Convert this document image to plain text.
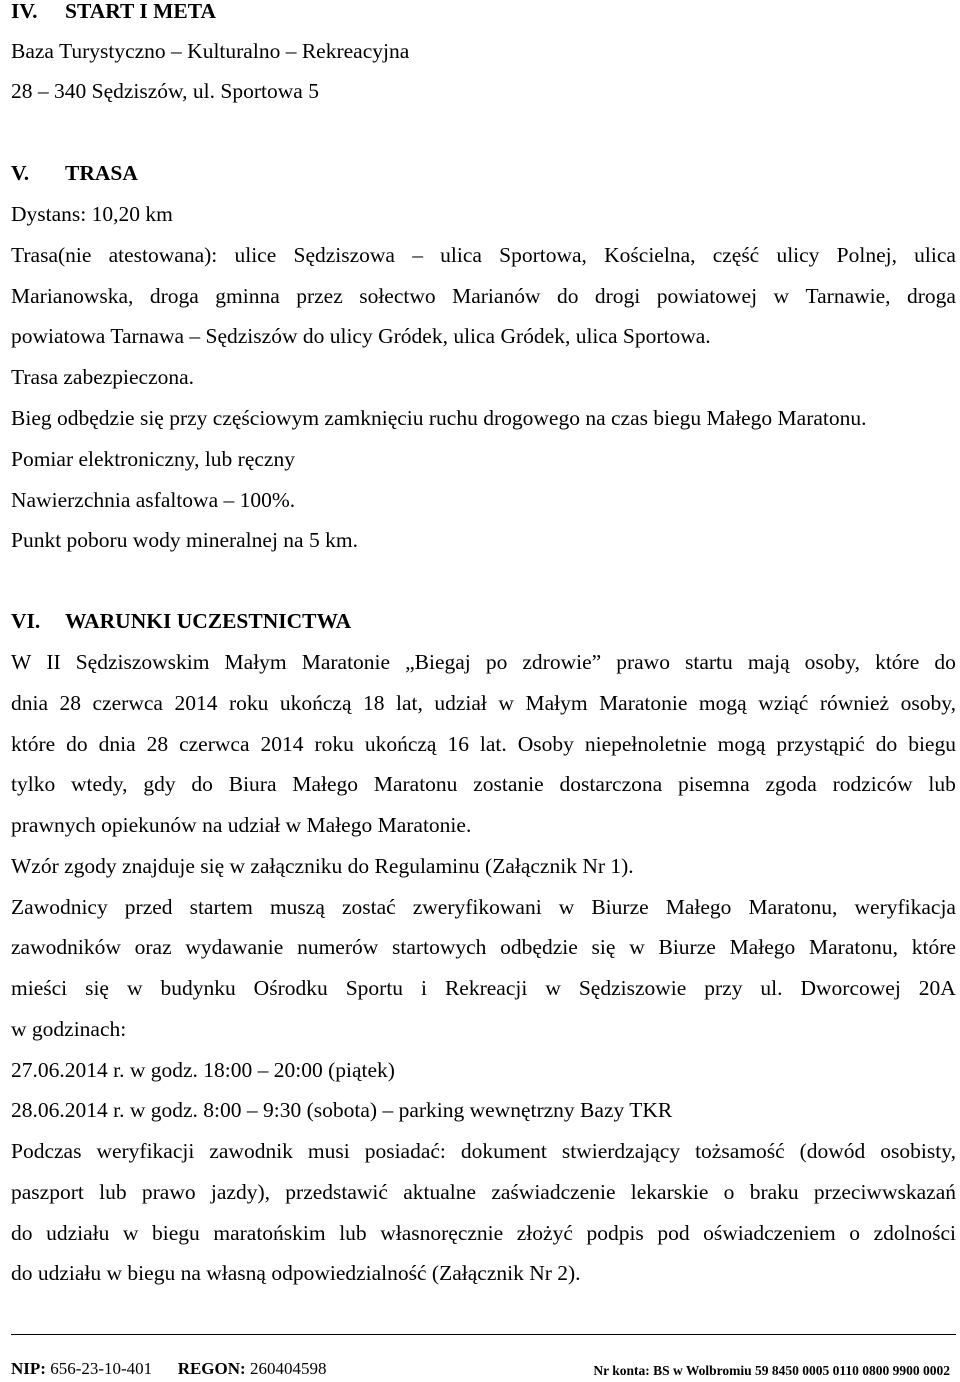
IV. START I META
Baza Turystyczno – Kulturalno – Rekreacyjna
28 – 340 Sędziszów, ul. Sportowa 5
V. TRASA
Dystans: 10,20 km
Trasa(nie atestowana): ulice Sędziszowa – ulica Sportowa, Kościelna, część ulicy Polnej, ulica
Marianowska, droga gminna przez sołectwo Marianów do drogi powiatowej w Tarnawie, droga
powiatowa Tarnawa – Sędziszów do ulicy Gródek, ulica Gródek, ulica Sportowa.
Trasa zabezpieczona.
Bieg odbędzie się przy częściowym zamknięciu ruchu drogowego na czas biegu Małego Maratonu.
Pomiar elektroniczny, lub ręczny
Nawierzchnia asfaltowa – 100%.
Punkt poboru wody mineralnej na 5 km.
VI. WARUNKI UCZESTNICTWA
W II Sędziszowskim Małym Maratonie „Biegaj po zdrowie” prawo startu mają osoby, które do
dnia 28 czerwca 2014 roku ukończą 18 lat, udział w Małym Maratonie mogą wziąć również osoby,
które do dnia 28 czerwca 2014 roku ukończą 16 lat. Osoby niepełnoletnie mogą przystąpić do biegu
tylko wtedy, gdy do Biura Małego Maratonu zostanie dostarczona pisemna zgoda rodziców lub
prawnych opiekunów na udział w Małego Maratonie.
Wzór zgody znajduje się w załączniku do Regulaminu (Załącznik Nr 1).
Zawodnicy przed startem muszą zostać zweryfikowani w Biurze Małego Maratonu, weryfikacja
zawodników oraz wydawanie numerów startowych odbędzie się w Biurze Małego Maratonu, które
mieści się w budynku Ośrodku Sportu i Rekreacji w Sędziszowie przy ul. Dworcowej 20A
w godzinach:
27.06.2014 r. w godz. 18:00 – 20:00 (piątek)
28.06.2014 r. w godz. 8:00 – 9:30 (sobota) – parking wewnętrzny Bazy TKR
Podczas weryfikacji zawodnik musi posiadać: dokument stwierdzający tożsamość (dowód osobisty,
paszport lub prawo jazdy), przedstawić aktualne zaświadczenie lekarskie o braku przeciwwskazań
do udziału w biegu maratońskim lub własnoręcznie złożyć podpis pod oświadczeniem o zdolności
do udziału w biegu na własną odpowiedzialność (Załącznik Nr 2).
NIP: 656-23-10-401 REGON: 260404598	Nr konta: BS w Wolbromiu 59 8450 0005 0110 0800 9900 0002
